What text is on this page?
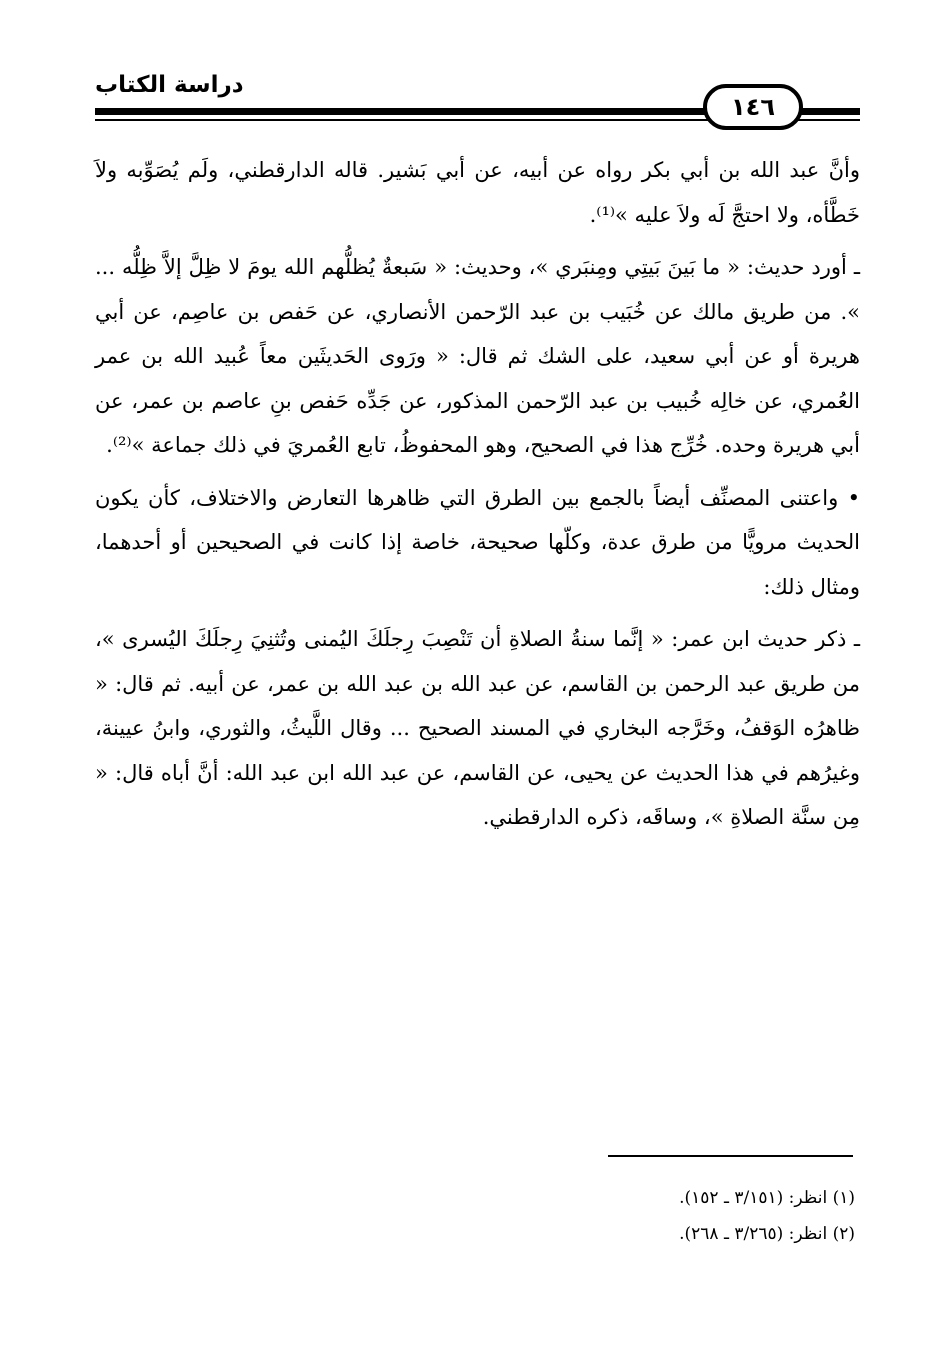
دراسة الكتاب
١٤٦

وأنَّ عبد الله بن أبي بكر رواه عن أبيه، عن أبي بَشير. قاله الدارقطني، ولَم يُصَوِّبه ولاَ خَطَّأه، ولا احتجَّ لَه ولاَ عليه »⁽¹⁾.

ـ أورد حديث: « ما بَينَ بَيتِي ومِنبَري »، وحديث: « سَبعةٌ يُظلُّهم الله يومَ لا ظِلَّ إلاَّ ظِلُّه ... ». من طريق مالك عن خُبَيب بن عبد الرّحمن الأنصاري، عن حَفص بن عاصِم، عن أبي هريرة أو عن أبي سعيد، على الشك ثم قال: « ورَوى الحَديثَين معاً عُبيد الله بن عمر العُمري، عن خالِه خُبيب بن عبد الرّحمن المذكور، عن جَدِّه حَفص بنِ عاصم بن عمر، عن أبي هريرة وحده. خُرِّج هذا في الصحيح، وهو المحفوظُ، تابع العُمريَ في ذلك جماعة »⁽²⁾.

• واعتنى المصنِّف أيضاً بالجمع بين الطرق التي ظاهرها التعارض والاختلاف، كأن يكون الحديث مرويًّا من طرق عدة، وكلّها صحيحة، خاصة إذا كانت في الصحيحين أو أحدهما، ومثال ذلك:

ـ ذكر حديث ابن عمر: « إنَّما سنةُ الصلاةِ أن تَنْصِبَ رِجلَكَ اليُمنى وتُثنِيَ رِجلَكَ اليُسرى »، من طريق عبد الرحمن بن القاسم، عن عبد الله بن عبد الله بن عمر، عن أبيه. ثم قال: « ظاهرُه الوَقفُ، وخَرَّجه البخاري في المسند الصحيح ... وقال اللَّيثُ، والثوري، وابنُ عيينة، وغيرُهم في هذا الحديث عن يحيى، عن القاسم، عن عبد الله ابن عبد الله: أنَّ أباه قال: « مِن سنَّة الصلاةِ »، وساقَه، ذكره الدارقطني.

(١) انظر: (٣/١٥١ ـ ١٥٢).
(٢) انظر: (٣/٢٦٥ ـ ٢٦٨).
